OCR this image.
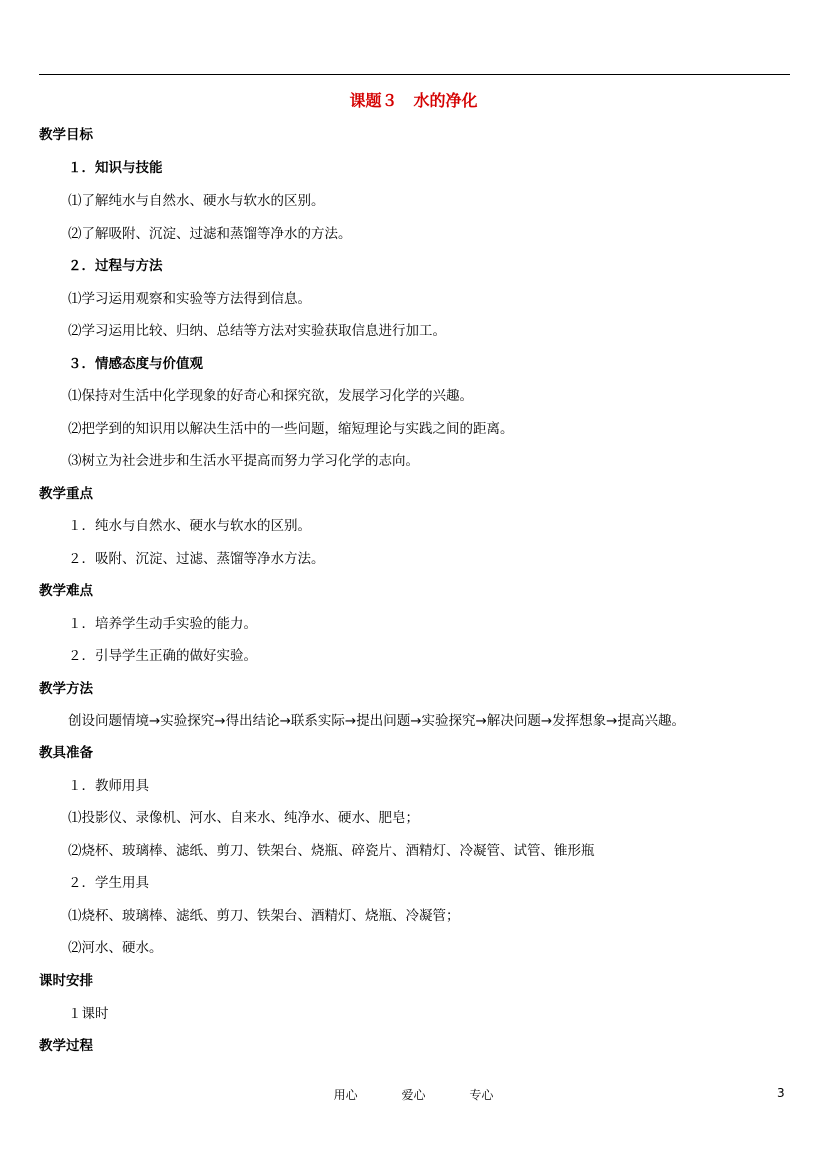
课题３　水的净化
教学目标
１．知识与技能
⑴了解纯水与自然水、硬水与软水的区别。
⑵了解吸附、沉淀、过滤和蒸馏等净水的方法。
２．过程与方法
⑴学习运用观察和实验等方法得到信息。
⑵学习运用比较、归纳、总结等方法对实验获取信息进行加工。
３．情感态度与价值观
⑴保持对生活中化学现象的好奇心和探究欲，发展学习化学的兴趣。
⑵把学到的知识用以解决生活中的一些问题，缩短理论与实践之间的距离。
⑶树立为社会进步和生活水平提高而努力学习化学的志向。
教学重点
１．纯水与自然水、硬水与软水的区别。
２．吸附、沉淀、过滤、蒸馏等净水方法。
教学难点
１．培养学生动手实验的能力。
２．引导学生正确的做好实验。
教学方法
创设问题情境→实验探究→得出结论→联系实际→提出问题→实验探究→解决问题→发挥想象→提高兴趣。
教具准备
１．教师用具
⑴投影仪、录像机、河水、自来水、纯净水、硬水、肥皂；
⑵烧杯、玻璃棒、滤纸、剪刀、铁架台、烧瓶、碎瓷片、酒精灯、冷凝管、试管、锥形瓶
２．学生用具
⑴烧杯、玻璃棒、滤纸、剪刀、铁架台、酒精灯、烧瓶、冷凝管；
⑵河水、硬水。
课时安排
１课时
教学过程
用心	爱心	专心	3
